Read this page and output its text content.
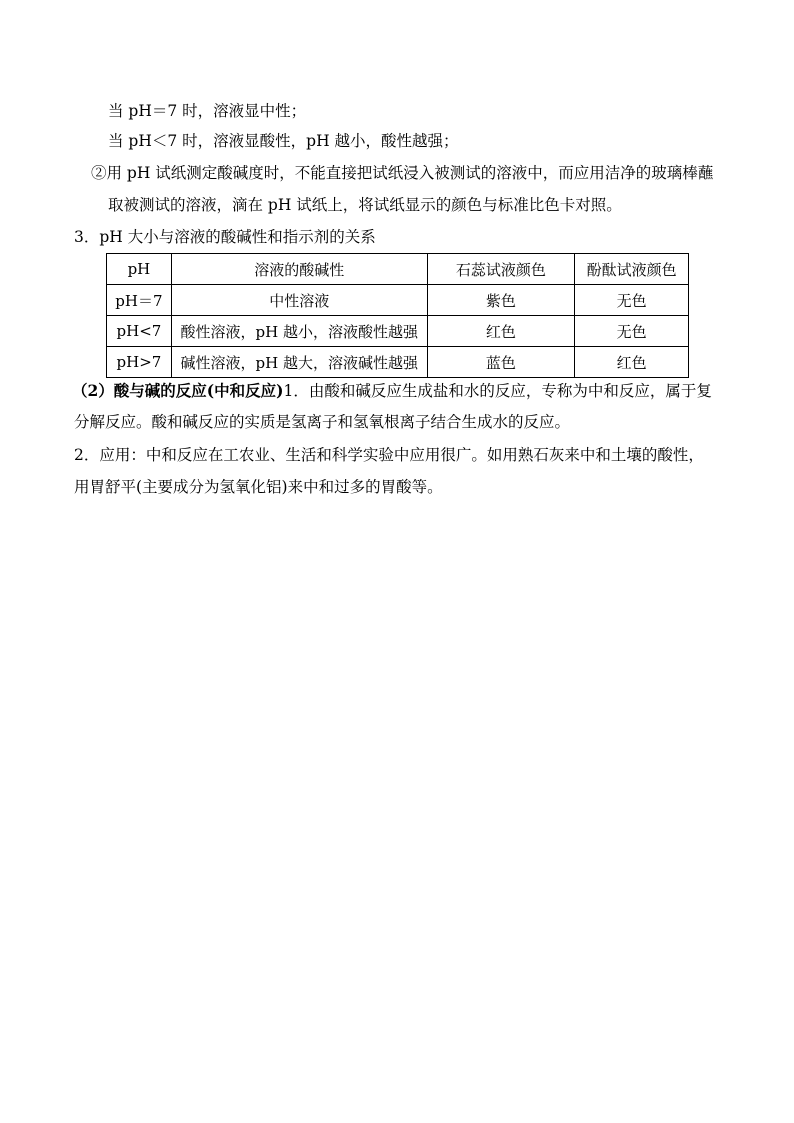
当 pH＝7 时，溶液显中性；
当 pH＜7 时，溶液显酸性，pH 越小，酸性越强；
②用 pH 试纸测定酸碱度时，不能直接把试纸浸入被测试的溶液中，而应用洁净的玻璃棒蘸
取被测试的溶液，滴在 pH 试纸上，将试纸显示的颜色与标准比色卡对照。
3．pH 大小与溶液的酸碱性和指示剂的关系
pH	溶液的酸碱性	石蕊试液颜色	酚酞试液颜色
pH＝7	中性溶液	紫色	无色
pH<7	酸性溶液，pH 越小，溶液酸性越强	红色	无色
pH>7	碱性溶液，pH 越大，溶液碱性越强	蓝色	红色
（2）酸与碱的反应(中和反应)1．由酸和碱反应生成盐和水的反应，专称为中和反应，属于复
分解反应。酸和碱反应的实质是氢离子和氢氧根离子结合生成水的反应。
2．应用：中和反应在工农业、生活和科学实验中应用很广。如用熟石灰来中和土壤的酸性，
用胃舒平(主要成分为氢氧化铝)来中和过多的胃酸等。
